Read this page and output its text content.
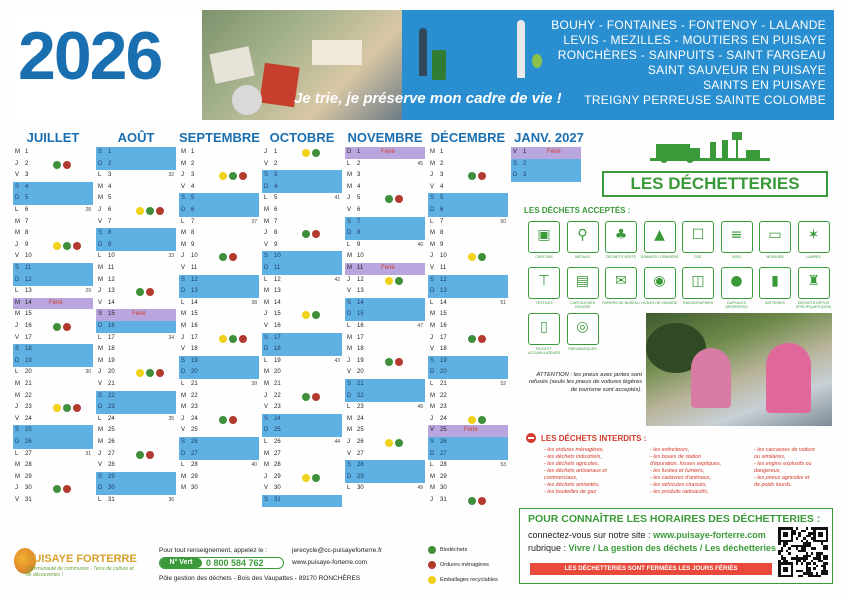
2026
Je trie, je préserve mon cadre de vie !
BOUHY - FONTAINES - FONTENOY - LALANDE
LEVIS - MEZILLES - MOUTIERS EN PUISAYE
RONCHÈRES - SAINPUITS - SAINT FARGEAU
SAINT SAUVEUR EN PUISAYE
SAINTS EN PUISAYE
TREIGNY PERREUSE SAINTE COLOMBE
JUILLET
M 1
J 2
V 3
S 4
D 5
L 6	28
M 7
M 8
J 9
V 10
S 11
D 12
L 13	29
M 14	Férié
M 15
J 16
V 17
S 18
D 19
L 20	30
M 21
M 22
J 23
V 24
S 25
D 26
L 27	31
M 28
M 29
J 30
V 31
AOÛT
S 1
D 2
L 3	32
M 4
M 5
J 6
V 7
S 8
D 9
L 10	33
M 11
M 12
J 13
V 14
S 15	Férié
D 16
L 17	34
M 18
M 19
J 20
V 21
S 22
D 23
L 24	35
M 25
M 26
J 27
V 28
S 29
D 30
L 31	36
SEPTEMBRE
M 1
M 2
J 3
V 4
S 5
D 6
L 7	37
M 8
M 9
J 10
V 11
S 12
D 13
L 14	38
M 15
M 16
J 17
V 18
S 19
D 20
L 21	39
M 22
M 23
J 24
V 25
S 26
D 27
L 28	40
M 29
M 30
OCTOBRE
J 1
V 2
S 3
D 4
L 5	41
M 6
M 7
J 8
V 9
S 10
D 11
L 12	42
M 13
M 14
J 15
V 16
S 17
D 18
L 19	43
M 20
M 21
J 22
V 23
S 24
D 25
L 26	44
M 27
M 28
J 29
V 30
S 31
NOVEMBRE
D 1	Férié
L 2	45
M 3
M 4
J 5
V 6
S 7
D 8
L 9	46
M 10
M 11	Férié
J 12
V 13
S 14
D 15
L 16	47
M 17
M 18
J 19
V 20
S 21
D 22
L 23	48
M 24
M 25
J 26
V 27
S 28
D 29
L 30	49
DÉCEMBRE
M 1
M 2
J 3
V 4
S 5
D 6
L 7	50
M 8
M 9
J 10
V 11
S 12
D 13
L 14	51
M 15
M 16
J 17
V 18
S 19
D 20
L 21	52
M 22
M 23
J 24
V 25	Férié
S 26
D 27
L 28	53
M 29
M 30
J 31
JANV. 2027
V 1	Férié
S 2
D 3	LES DÉCHETTERIES
LES DÉCHETS ACCEPTÉS :
▣
CARTONS
⚲
MÉTAUX
♣
DÉCHETS VERTS
▲
GRAVATS / GRAVIERS
☐
D3E
≡
BOIS
▭
MOBILIER
✶
LAMPES
⊤
TEXTILES
▤
CARTOUCHES D'ENCRE
✉
PAPIERS DE BUREAU
◉
HUILES DE VIDANGE
◫
RADIOGRAPHIES
●
CAPSULES NESPRESSO
▮
BATTERIES
♜
DÉCHETS DIFFUS SPÉCIFIQUES (DDS)
▯
PILES ET ACCUMULATEURS
◎
PNEUMATIQUES
ATTENTION : les pneus avec jantes sont refusés (seuls les pneus de voitures légères de tourisme sont acceptés).
LES DÉCHETS INTERDITS :
- les ordures ménagères,
- les déchets industriels,
- les déchets agricoles,
- les déchets artisanaux et
commerciaux,
- les déchets amiantés,
- les bouteilles de gaz
- les extincteurs,
- les boues de station
d'épuration, fosses septiques,
- les fusées et fumiers,
- les cadavres d'animaux,
- les véhicules chassés,
- les produits radioactifs,
- les carcasses de voiture
ou similaires,
- les engins explosifs ou
dangereux,
- les pneus agricoles et
de poids lourds.
POUR CONNAÎTRE LES HORAIRES DES DÉCHETTERIES :
connectez-vous sur notre site : www.puisaye-forterre.com
rubrique : Vivre / La gestion des déchets / Les déchetteries
LES DÉCHETTERIES SONT FERMÉES LES JOURS FÉRIÉS
PUISAYE FORTERRE
Communauté de communes · Terre de culture et de découvertes !
Pour tout renseignement, appelez le :
N° Vert	0 800 584 762
Pôle gestion des déchets - Bois des Vaupattes - 89170 RONCHÈRES
jerecycle@cc-puisayeforterre.fr
www.puisaye-forterre.com
Biodéchets
Ordures ménagères
Emballages recyclables
